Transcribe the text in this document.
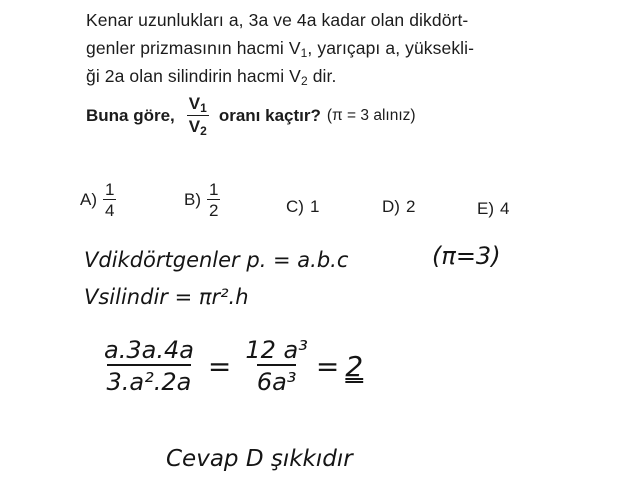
Kenar uzunlukları a, 3a ve 4a kadar olan dikdört-
genler prizmasının hacmi $V_1$, yarıçapı a, yüksekli-
ği 2a olan silindirin hacmi $V_2$ dir.
Buna göre, $\frac{V_1}{V_2}$ oranı kaçtır? (π = 3 alınız)
$A) \frac{1}{4}$	$B) \frac{1}{2}$	C) 1	D) 2	E) 4
Vdikdörtgenler p. = a.b.c	(π=3)
Vsilindir = πr².h
$\frac{a.3a.4a}{\text{3.a².2a}} = \frac{\text{12 a³}}{\text{6a³}} = 2$
Cevap D şıkkıdır
